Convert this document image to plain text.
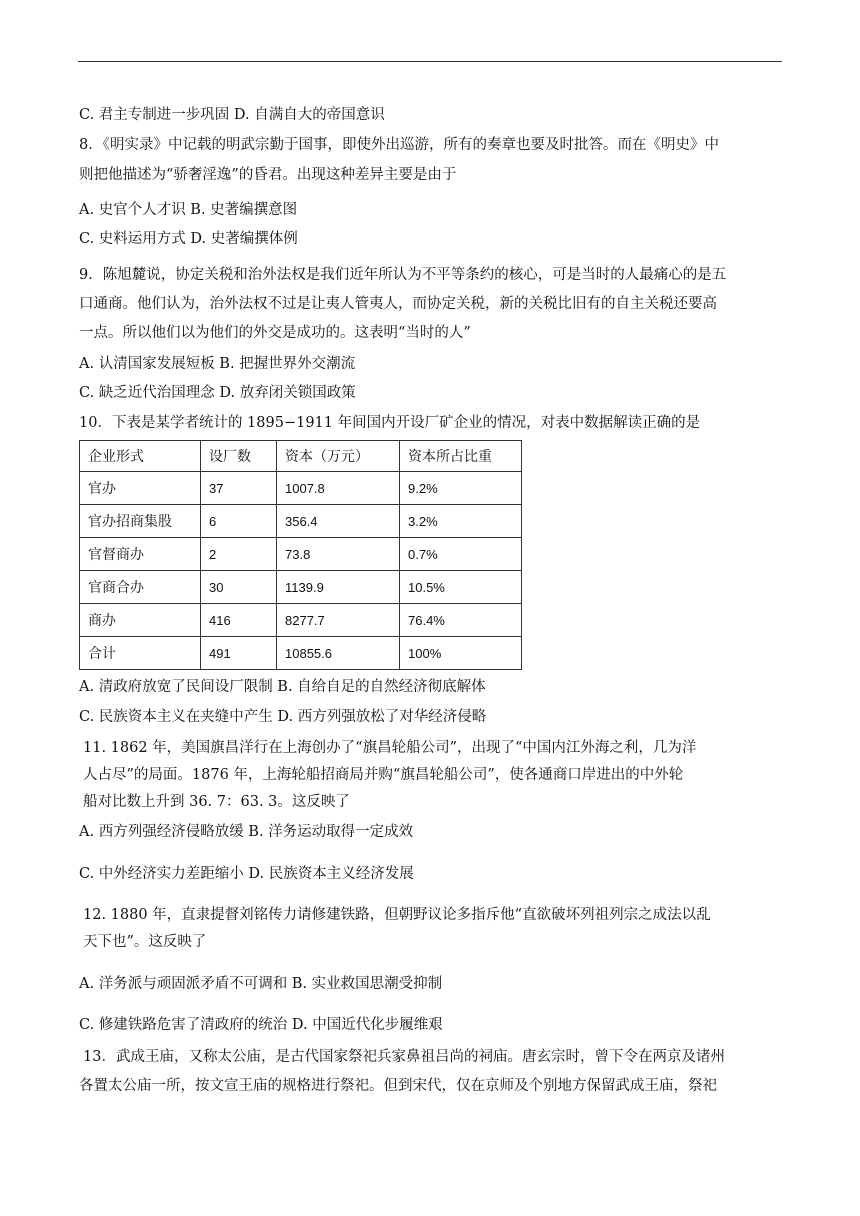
C. 君主专制进一步巩固 D. 自满自大的帝国意识
8．《明实录》中记载的明武宗勤于国事，即使外出巡游，所有的奏章也要及时批答。而在《明史》中
则把他描述为“骄奢淫逸”的昏君。出现这种差异主要是由于
A. 史官个人才识 B. 史著编撰意图
C. 史料运用方式 D. 史著编撰体例
9．陈旭麓说，协定关税和治外法权是我们近年所认为不平等条约的核心，可是当时的人最痛心的是五
口通商。他们认为，治外法权不过是让夷人管夷人，而协定关税，新的关税比旧有的自主关税还要高
一点。所以他们以为他们的外交是成功的。这表明“当时的人”
A. 认清国家发展短板 B. 把握世界外交潮流
C. 缺乏近代治国理念 D. 放弃闭关锁国政策
10．下表是某学者统计的 1895−1911 年间国内开设厂矿企业的情况，对表中数据解读正确的是
企业形式	设厂数	资本（万元）	资本所占比重
官办	37	1007.8	9.2%
官办招商集股	6	356.4	3.2%
官督商办	2	73.8	0.7%
官商合办	30	1139.9	10.5%
商办	416	8277.7	76.4%
合计	491	10855.6	100%
A. 清政府放宽了民间设厂限制 B. 自给自足的自然经济彻底解体
C. 民族资本主义在夹缝中产生 D. 西方列强放松了对华经济侵略
11. 1862 年，美国旗昌洋行在上海创办了“旗昌轮船公司”，出现了“中国内江外海之利，几为洋
人占尽”的局面。1876 年，上海轮船招商局并购“旗昌轮船公司”，使各通商口岸进出的中外轮
船对比数上升到 36. 7：63. 3。这反映了
A. 西方列强经济侵略放缓 B. 洋务运动取得一定成效
C. 中外经济实力差距缩小 D. 民族资本主义经济发展
12. 1880 年，直隶提督刘铭传力请修建铁路，但朝野议论多指斥他“直欲破坏列祖列宗之成法以乱
天下也”。这反映了
A. 洋务派与顽固派矛盾不可调和 B. 实业救国思潮受抑制
C. 修建铁路危害了清政府的统治 D. 中国近代化步履维艰
13．武成王庙，又称太公庙，是古代国家祭祀兵家鼻祖吕尚的祠庙。唐玄宗时，曾下令在两京及诸州
各置太公庙一所，按文宣王庙的规格进行祭祀。但到宋代，仅在京师及个别地方保留武成王庙，祭祀
